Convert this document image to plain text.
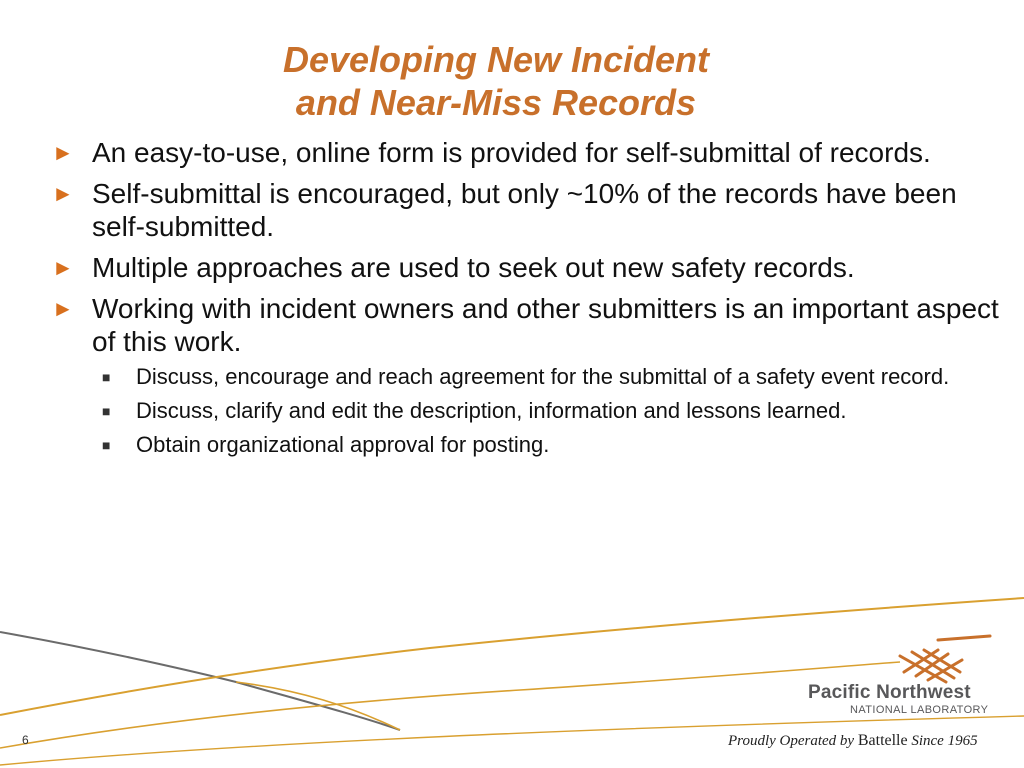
Developing New Incident
and Near-Miss Records
► An easy-to-use, online form is provided for self-submittal of records.
► Self-submittal is encouraged, but only ~10% of the records have been self-submitted.
► Multiple approaches are used to seek out new safety records.
► Working with incident owners and other submitters is an important aspect of this work.
■	Discuss, encourage and reach agreement for the submittal of a safety event record.
■	Discuss, clarify and edit the description, information and lessons learned.
■	Obtain organizational approval for posting.
Pacific Northwest
NATIONAL LABORATORY
Proudly Operated by Battelle Since 1965
6
